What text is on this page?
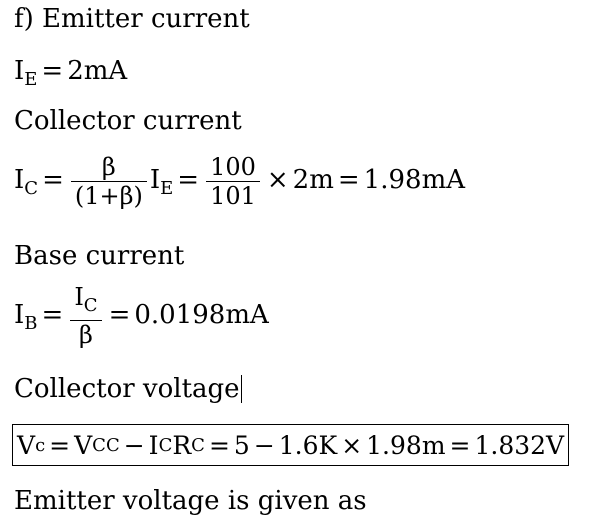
f) Emitter current
$I_E = 2mA$
Collector current
$I_C = \frac{\beta}{(1+\beta)} I_E = \frac{100}{101} \times 2m = 1.98mA$
Base current
$I_B = \frac{I_C}{\beta} = 0.0198mA$
Collector voltage
V c = V CC − I C R C = 5 − 1.6K × 1.98m = 1.832V
Emitter voltage is given as
